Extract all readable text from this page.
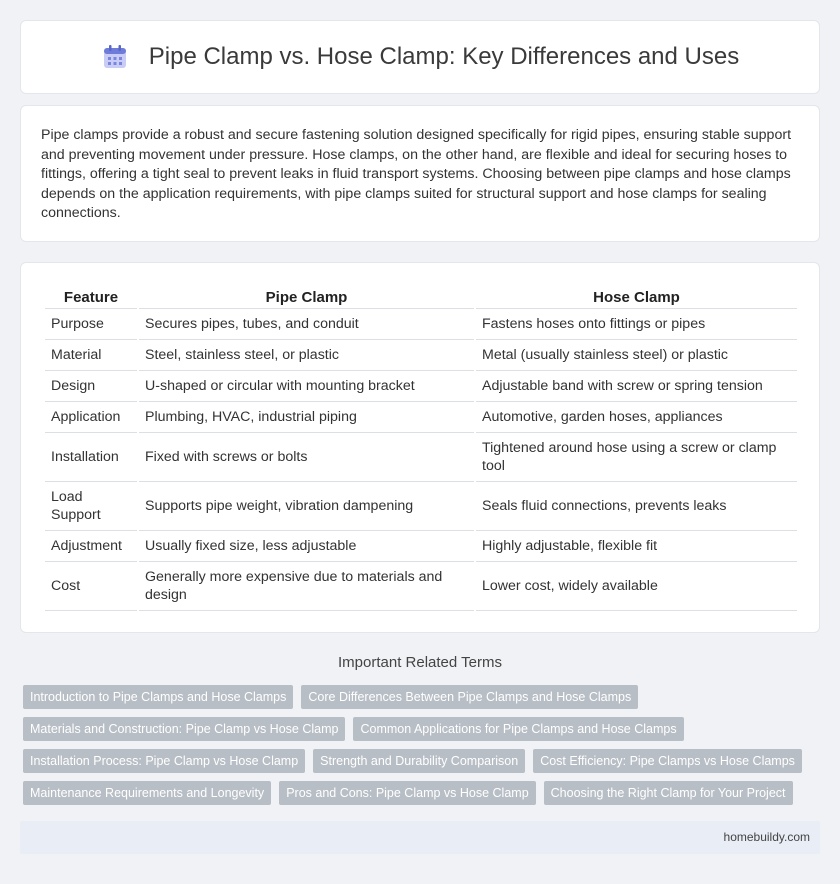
Pipe Clamp vs. Hose Clamp: Key Differences and Uses

Pipe clamps provide a robust and secure fastening solution designed specifically for rigid pipes, ensuring stable support and preventing movement under pressure. Hose clamps, on the other hand, are flexible and ideal for securing hoses to fittings, offering a tight seal to prevent leaks in fluid transport systems. Choosing between pipe clamps and hose clamps depends on the application requirements, with pipe clamps suited for structural support and hose clamps for sealing connections.

Feature	Pipe Clamp	Hose Clamp
Purpose	Secures pipes, tubes, and conduit	Fastens hoses onto fittings or pipes
Material	Steel, stainless steel, or plastic	Metal (usually stainless steel) or plastic
Design	U-shaped or circular with mounting bracket	Adjustable band with screw or spring tension
Application	Plumbing, HVAC, industrial piping	Automotive, garden hoses, appliances
Installation	Fixed with screws or bolts	Tightened around hose using a screw or clamp tool
Load Support	Supports pipe weight, vibration dampening	Seals fluid connections, prevents leaks
Adjustment	Usually fixed size, less adjustable	Highly adjustable, flexible fit
Cost	Generally more expensive due to materials and design	Lower cost, widely available
Important Related Terms
Introduction to Pipe Clamps and Hose Clamps	Core Differences Between Pipe Clamps and Hose Clamps
Materials and Construction: Pipe Clamp vs Hose Clamp	Common Applications for Pipe Clamps and Hose Clamps
Installation Process: Pipe Clamp vs Hose Clamp	Strength and Durability Comparison	Cost Efficiency: Pipe Clamps vs Hose Clamps
Maintenance Requirements and Longevity	Pros and Cons: Pipe Clamp vs Hose Clamp	Choosing the Right Clamp for Your Project
homebuildy.com
